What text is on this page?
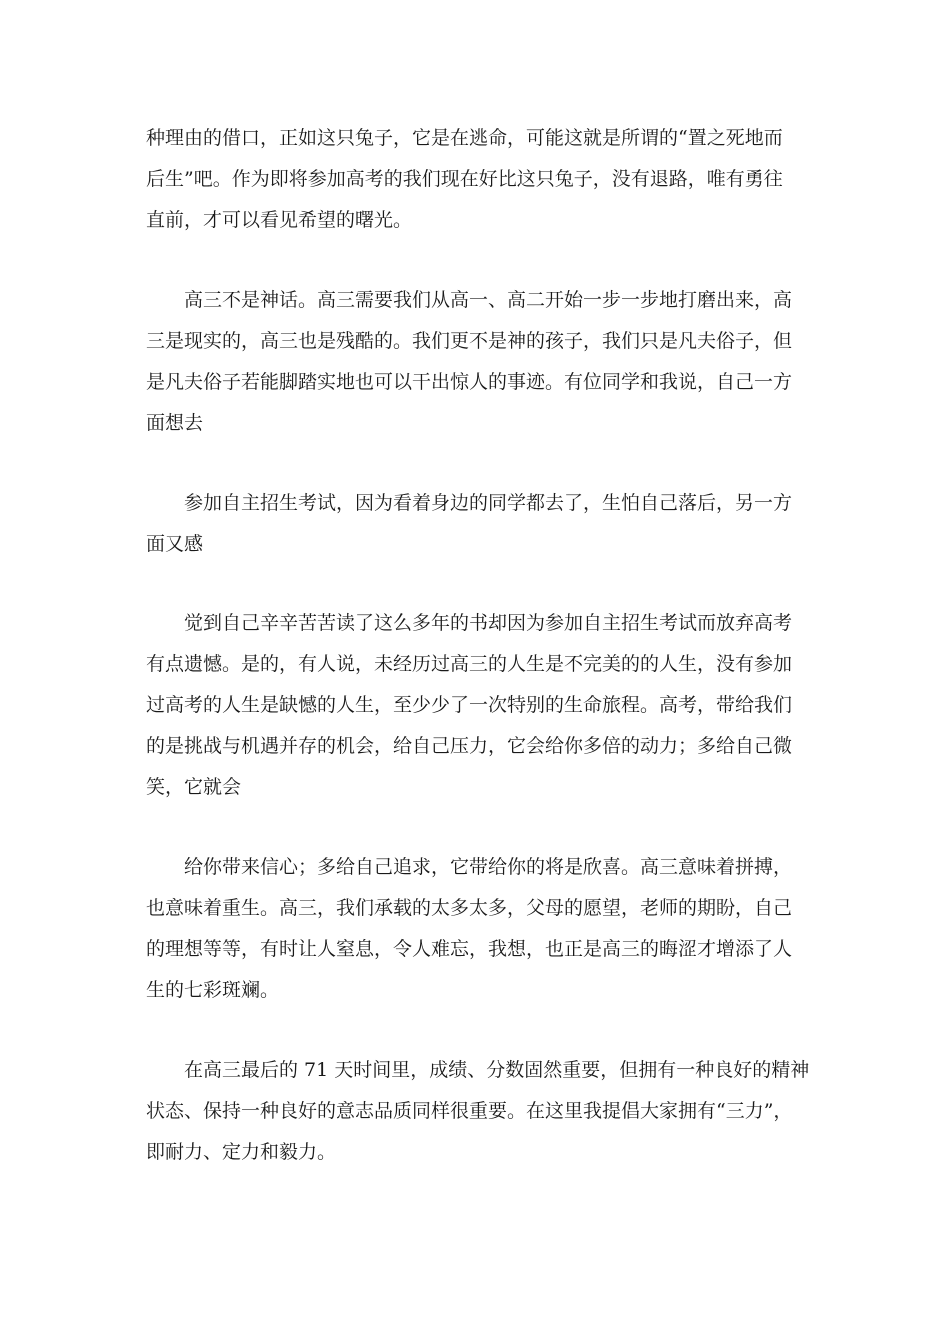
种理由的借口，正如这只兔子，它是在逃命，可能这就是所谓的“置之死地而
后生”吧。作为即将参加高考的我们现在好比这只兔子，没有退路，唯有勇往
直前，才可以看见希望的曙光。
高三不是神话。高三需要我们从高一、高二开始一步一步地打磨出来，高
三是现实的，高三也是残酷的。我们更不是神的孩子，我们只是凡夫俗子，但
是凡夫俗子若能脚踏实地也可以干出惊人的事迹。有位同学和我说，自己一方
面想去
参加自主招生考试，因为看着身边的同学都去了，生怕自己落后，另一方
面又感
觉到自己辛辛苦苦读了这么多年的书却因为参加自主招生考试而放弃高考
有点遗憾。是的，有人说，未经历过高三的人生是不完美的的人生，没有参加
过高考的人生是缺憾的人生，至少少了一次特别的生命旅程。高考，带给我们
的是挑战与机遇并存的机会，给自己压力，它会给你多倍的动力；多给自己微
笑，它就会
给你带来信心；多给自己追求，它带给你的将是欣喜。高三意味着拼搏，
也意味着重生。高三，我们承载的太多太多，父母的愿望，老师的期盼，自己
的理想等等，有时让人窒息，令人难忘，我想，也正是高三的晦涩才增添了人
生的七彩斑斓。
在高三最后的 71 天时间里，成绩、分数固然重要，但拥有一种良好的精神
状态、保持一种良好的意志品质同样很重要。在这里我提倡大家拥有“三力”，
即耐力、定力和毅力。
